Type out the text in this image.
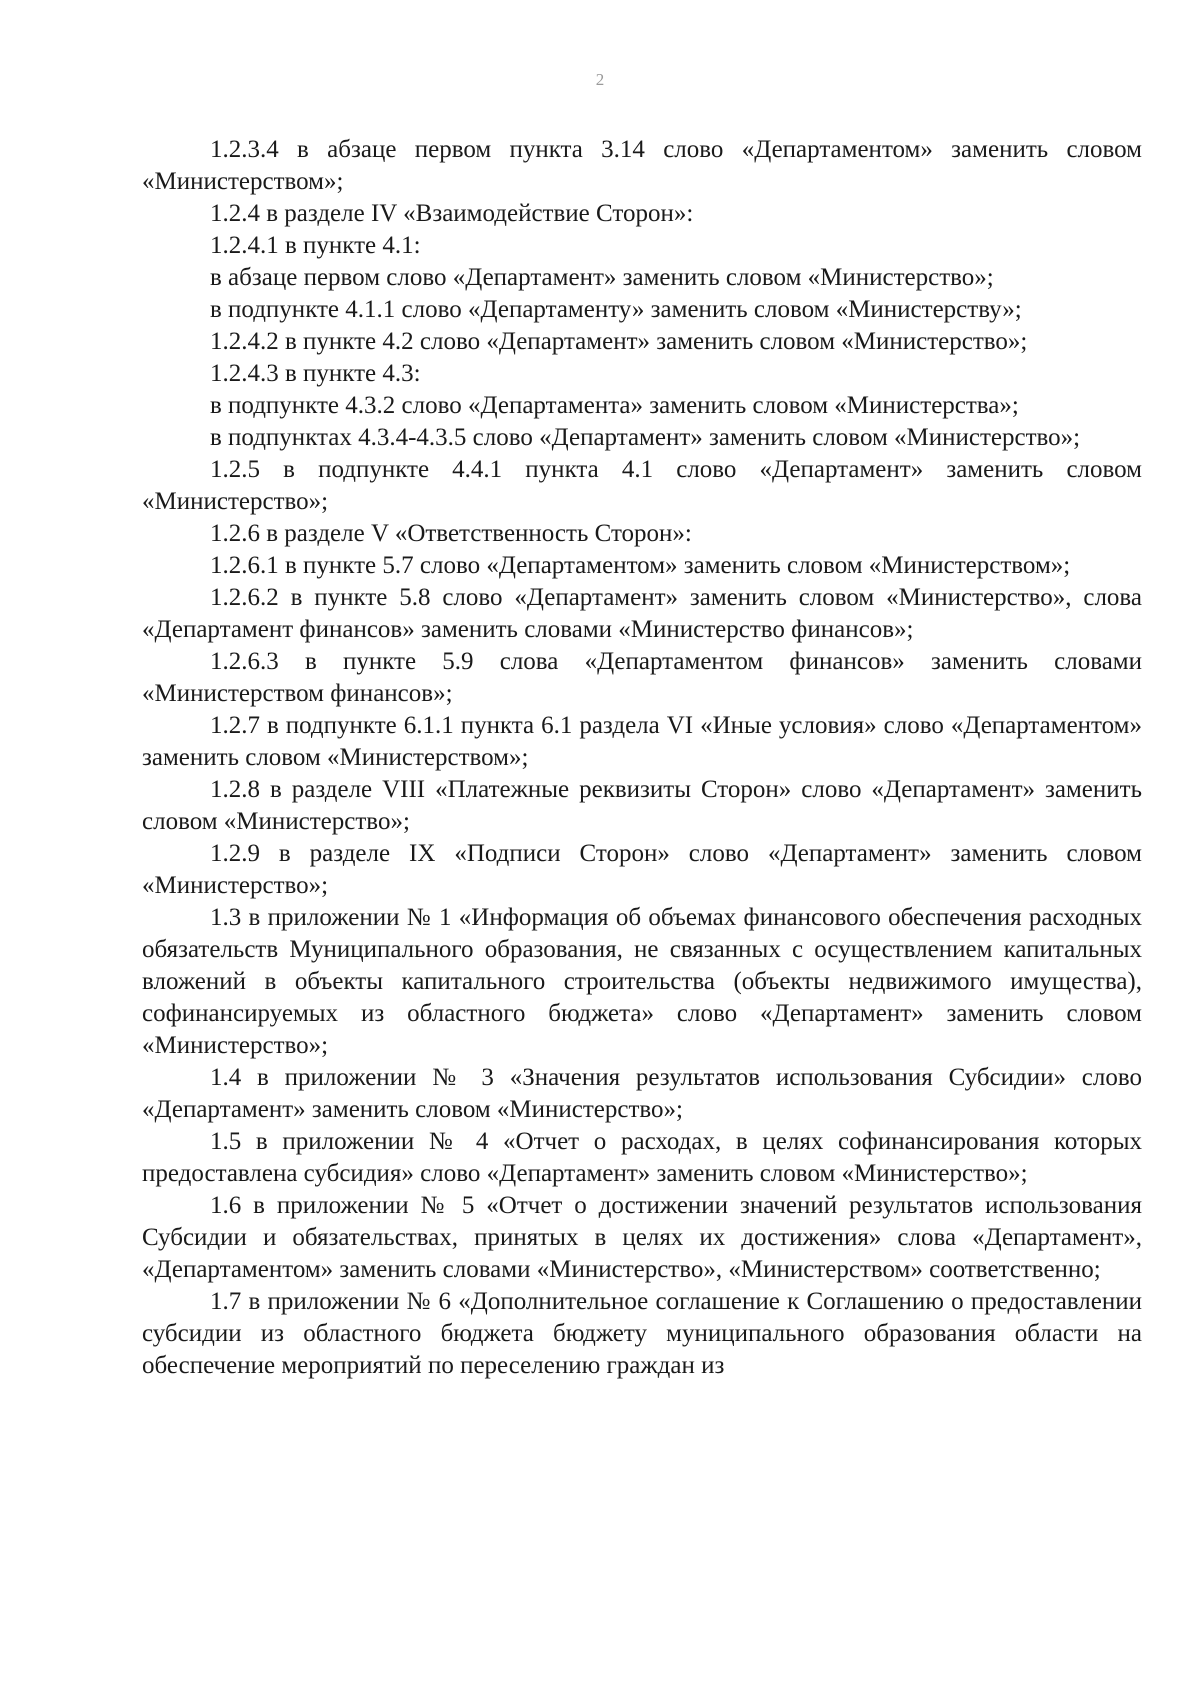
2

1.2.3.4 в абзаце первом пункта 3.14 слово «Департаментом» заменить словом «Министерством»;

1.2.4 в разделе IV «Взаимодействие Сторон»:

1.2.4.1 в пункте 4.1:

в абзаце первом слово «Департамент» заменить словом «Министерство»;

в подпункте 4.1.1 слово «Департаменту» заменить словом «Министерству»;

1.2.4.2 в пункте 4.2 слово «Департамент» заменить словом «Министерство»;

1.2.4.3 в пункте 4.3:

в подпункте 4.3.2 слово «Департамента» заменить словом «Министерства»;

в подпунктах 4.3.4-4.3.5 слово «Департамент» заменить словом «Министерство»;

1.2.5 в подпункте 4.4.1 пункта 4.1 слово «Департамент» заменить словом «Министерство»;

1.2.6 в разделе V «Ответственность Сторон»:

1.2.6.1 в пункте 5.7 слово «Департаментом» заменить словом «Министерством»;

1.2.6.2 в пункте 5.8 слово «Департамент» заменить словом «Министерство», слова «Департамент финансов» заменить словами «Министерство финансов»;

1.2.6.3 в пункте 5.9 слова «Департаментом финансов» заменить словами «Министерством финансов»;

1.2.7 в подпункте 6.1.1 пункта 6.1 раздела VI «Иные условия» слово «Департаментом» заменить словом «Министерством»;

1.2.8 в разделе VIII «Платежные реквизиты Сторон» слово «Департамент» заменить словом «Министерство»;

1.2.9 в разделе IX «Подписи Сторон» слово «Департамент» заменить словом «Министерство»;

1.3 в приложении № 1 «Информация об объемах финансового обеспечения расходных обязательств Муниципального образования, не связанных с осуществлением капитальных вложений в объекты капитального строительства (объекты недвижимого имущества), софинансируемых из областного бюджета» слово «Департамент» заменить словом «Министерство»;

1.4 в приложении № 3 «Значения результатов использования Субсидии» слово «Департамент» заменить словом «Министерство»;

1.5 в приложении № 4 «Отчет о расходах, в целях софинансирования которых предоставлена субсидия» слово «Департамент» заменить словом «Министерство»;

1.6 в приложении № 5 «Отчет о достижении значений результатов использования Субсидии и обязательствах, принятых в целях их достижения» слова «Департамент», «Департаментом» заменить словами «Министерство», «Министерством» соответственно;

1.7 в приложении № 6 «Дополнительное соглашение к Соглашению о предоставлении субсидии из областного бюджета бюджету муниципального образования области на обеспечение мероприятий по переселению граждан из
